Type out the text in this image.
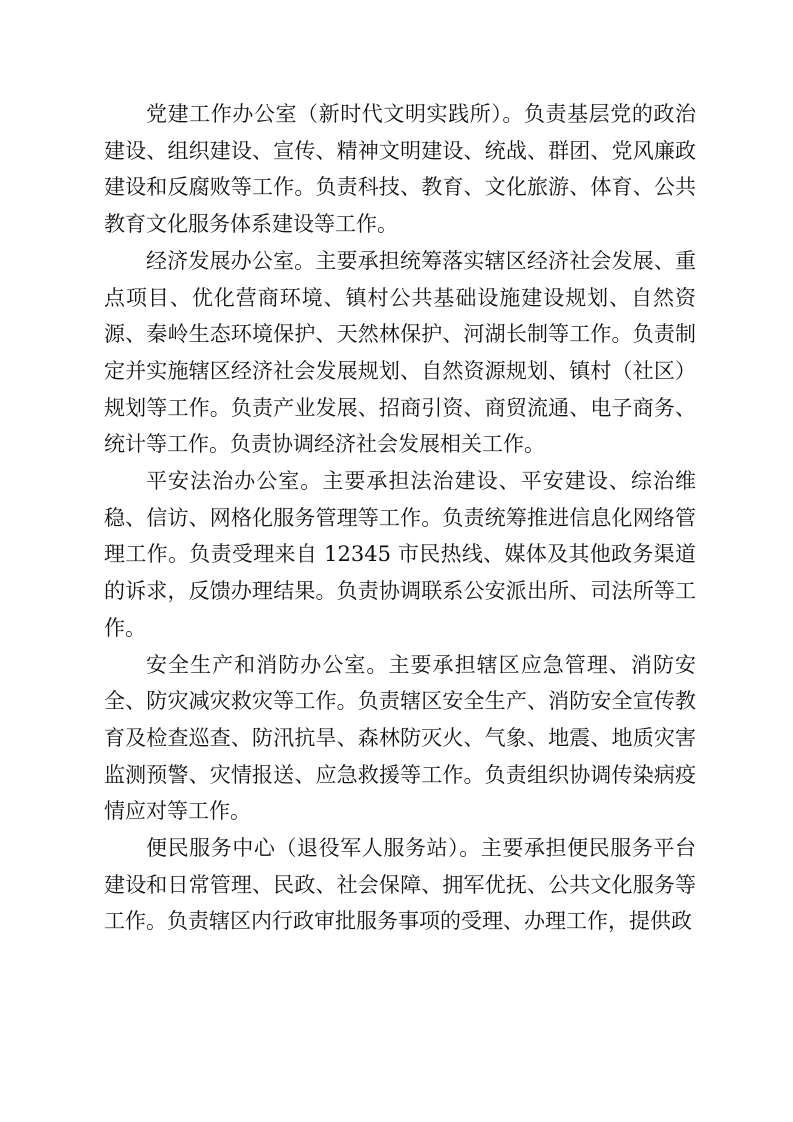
党建工作办公室（新时代文明实践所）。负责基层党的政治建设、组织建设、宣传、精神文明建设、统战、群团、党风廉政建设和反腐败等工作。负责科技、教育、文化旅游、体育、公共教育文化服务体系建设等工作。

经济发展办公室。主要承担统筹落实辖区经济社会发展、重点项目、优化营商环境、镇村公共基础设施建设规划、自然资源、秦岭生态环境保护、天然林保护、河湖长制等工作。负责制定并实施辖区经济社会发展规划、自然资源规划、镇村（社区）规划等工作。负责产业发展、招商引资、商贸流通、电子商务、统计等工作。负责协调经济社会发展相关工作。

平安法治办公室。主要承担法治建设、平安建设、综治维稳、信访、网格化服务管理等工作。负责统筹推进信息化网络管理工作。负责受理来自 12345 市民热线、媒体及其他政务渠道的诉求，反馈办理结果。负责协调联系公安派出所、司法所等工作。

安全生产和消防办公室。主要承担辖区应急管理、消防安全、防灾减灾救灾等工作。负责辖区安全生产、消防安全宣传教育及检查巡查、防汛抗旱、森林防灭火、气象、地震、地质灾害监测预警、灾情报送、应急救援等工作。负责组织协调传染病疫情应对等工作。

便民服务中心（退役军人服务站）。主要承担便民服务平台建设和日常管理、民政、社会保障、拥军优抚、公共文化服务等工作。负责辖区内行政审批服务事项的受理、办理工作，提供政
